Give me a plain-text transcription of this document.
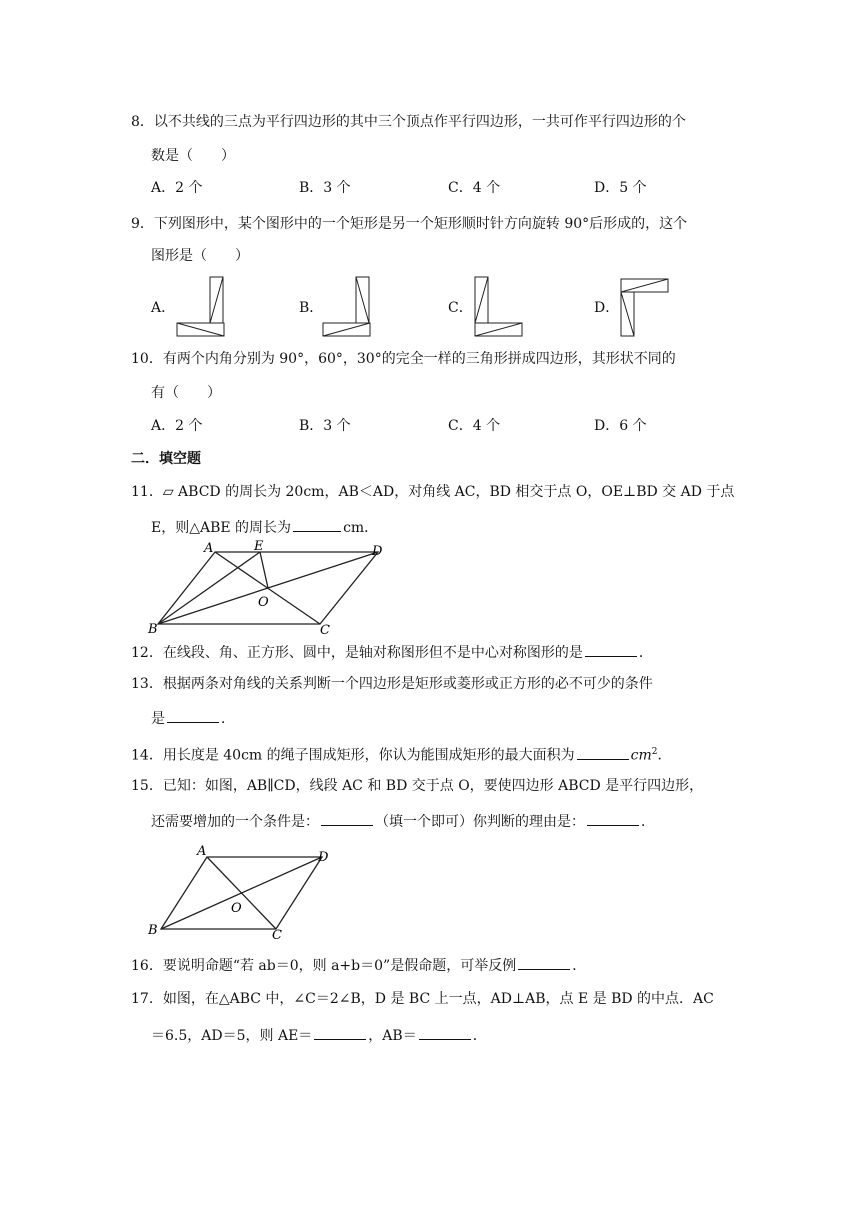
8．以不共线的三点为平行四边形的其中三个顶点作平行四边形，一共可作平行四边形的个
数是（　　）
A．2 个	B．3 个	C．4 个	D．5 个
9．下列图形中，某个图形中的一个矩形是另一个矩形顺时针方向旋转 90°后形成的，这个
图形是（　　）
A．	B．	C．	D．
10．有两个内角分别为 90°，60°，30°的完全一样的三角形拼成四边形，其形状不同的
有（　　）
A．2 个	B．3 个	C．4 个	D．6 个
二．填空题
11．▱ ABCD 的周长为 20cm，AB＜AD，对角线 AC，BD 相交于点 O，OE⊥BD 交 AD 于点
E，则△ABE 的周长为	cm．
A	E	D
O
B	C
12．在线段、角、正方形、圆中，是轴对称图形但不是中心对称图形的是	．
13．根据两条对角线的关系判断一个四边形是矩形或菱形或正方形的必不可少的条件
是	．
14．用长度是 40cm 的绳子围成矩形，你认为能围成矩形的最大面积为	$cm^2$．
15．已知：如图，AB∥CD，线段 AC 和 BD 交于点 O，要使四边形 ABCD 是平行四边形，
还需要增加的一个条件是：	（填一个即可）你判断的理由是：	．
A	D
O
B	C
16．要说明命题“若 ab＝0，则 a+b＝0”是假命题，可举反例	．
17．如图，在△ABC 中，∠C＝2∠B，D 是 BC 上一点，AD⊥AB，点 E 是 BD 的中点．AC
＝6.5，AD＝5，则 AE＝	，AB＝	．
